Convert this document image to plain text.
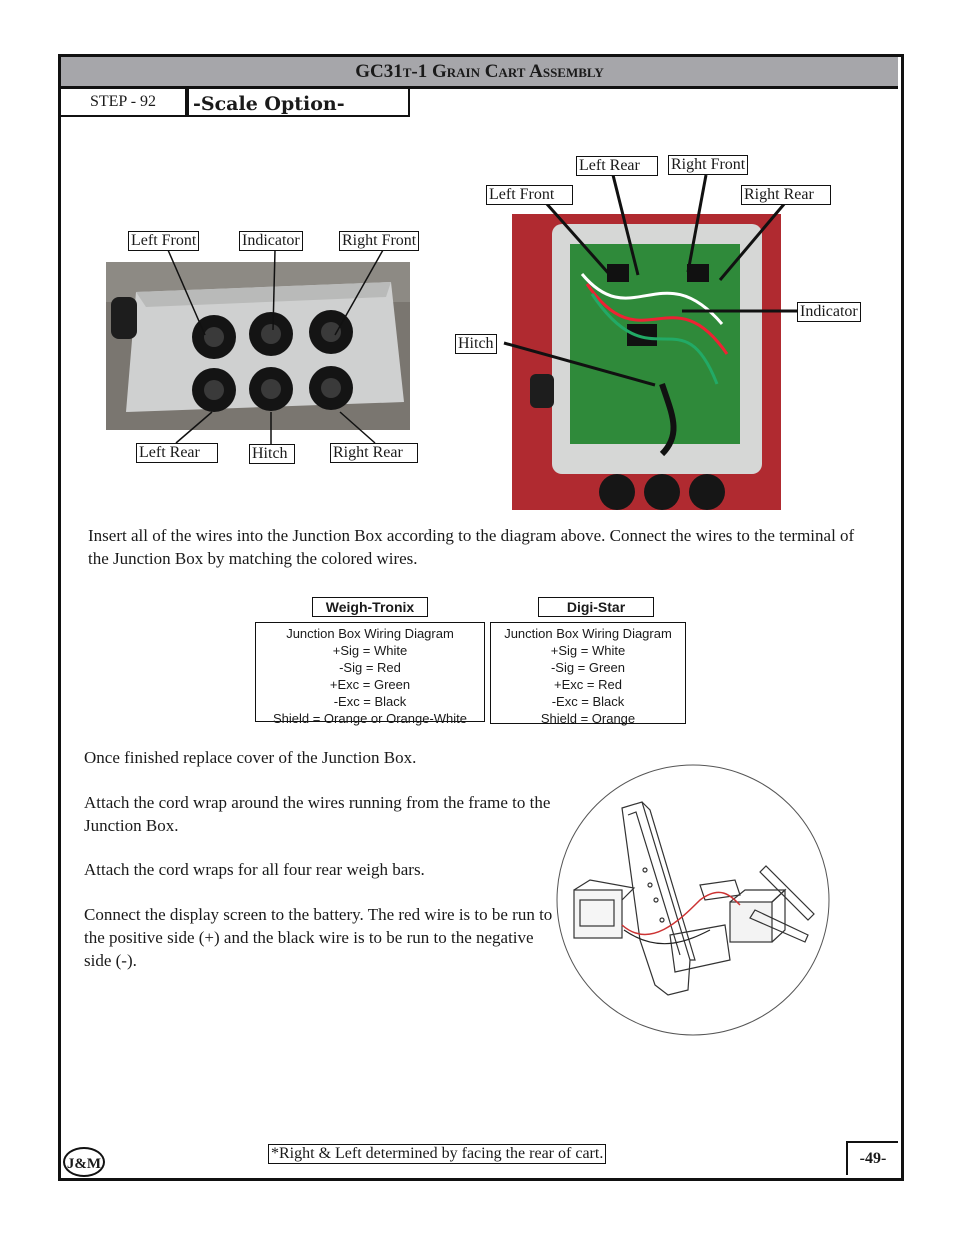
GC31t-1 Grain Cart Assembly
STEP - 92	-Scale Option-
Left Front	Indicator	Right Front
Left Rear	Hitch	Right Rear
Left Rear	Right Front
Left Front	Right Rear
Indicator
Hitch

Insert all of the wires into the Junction Box according to the diagram above. Connect the wires to the terminal of the Junction Box by matching the colored wires.

Weigh-Tronix
Junction Box Wiring Diagram
+Sig = White
-Sig = Red
+Exc = Green
-Exc = Black
Shield = Orange or Orange-White
Digi-Star
Junction Box Wiring Diagram
+Sig = White
-Sig = Green
+Exc = Red
-Exc = Black
Shield = Orange

Once finished replace cover of the Junction Box.

Attach the cord wrap around the wires running from the frame to the Junction Box.

Attach the cord wraps for all four rear weigh bars.

Connect the display screen to the battery. The red wire is to be run to the positive side (+) and the black wire is to be run to the negative side (-).

J&M
*Right & Left determined by facing the rear of cart.	-49-
